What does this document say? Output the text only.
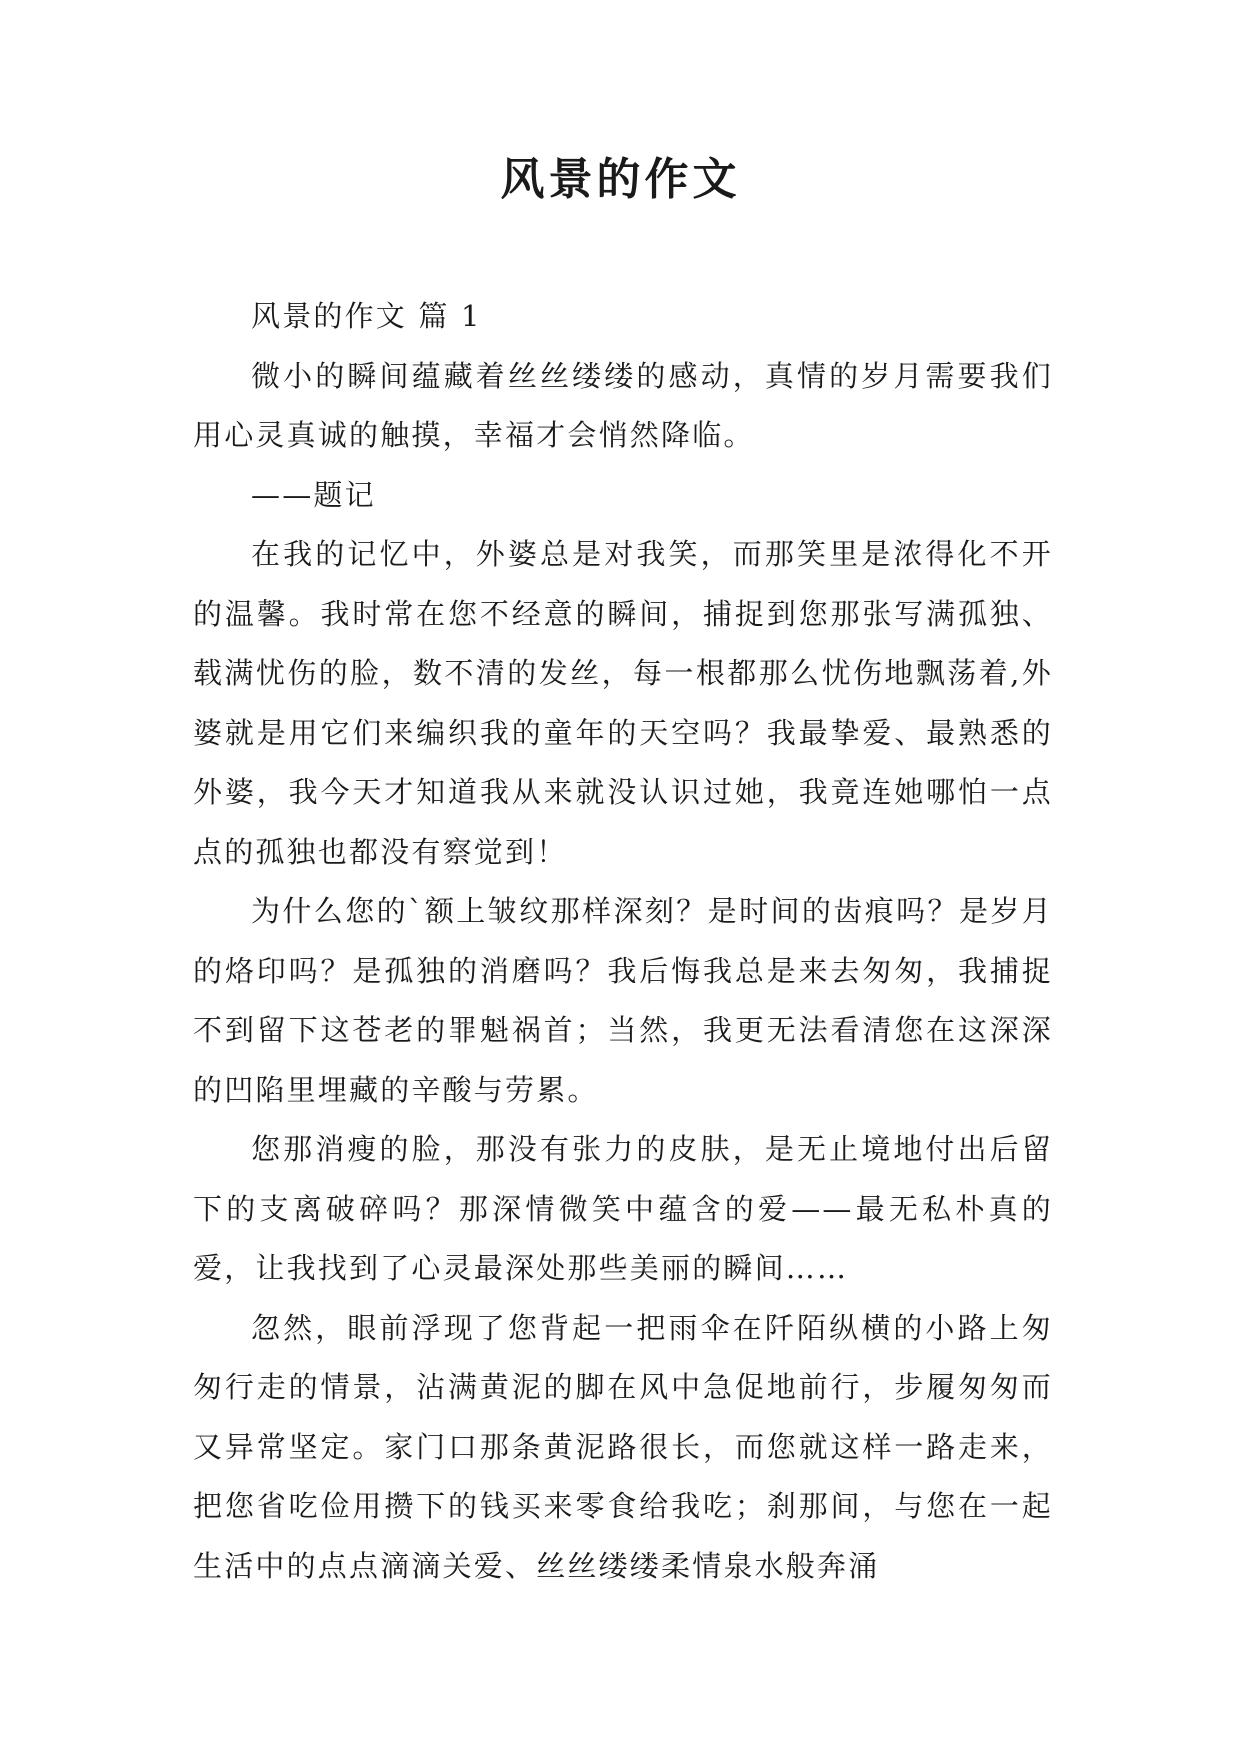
风景的作文

风景的作文 篇 1

微小的瞬间蕴藏着丝丝缕缕的感动，真情的岁月需要我们用心灵真诚的触摸，幸福才会悄然降临。

——题记

在我的记忆中，外婆总是对我笑，而那笑里是浓得化不开的温馨。我时常在您不经意的瞬间，捕捉到您那张写满孤独、载满忧伤的脸，数不清的发丝，每一根都那么忧伤地飘荡着,外婆就是用它们来编织我的童年的天空吗？我最挚爱、最熟悉的外婆，我今天才知道我从来就没认识过她，我竟连她哪怕一点点的孤独也都没有察觉到！

为什么您的`额上皱纹那样深刻？是时间的齿痕吗？是岁月的烙印吗？是孤独的消磨吗？我后悔我总是来去匆匆，我捕捉不到留下这苍老的罪魁祸首；当然，我更无法看清您在这深深的凹陷里埋藏的辛酸与劳累。

您那消瘦的脸，那没有张力的皮肤，是无止境地付出后留下的支离破碎吗？那深情微笑中蕴含的爱——最无私朴真的爱，让我找到了心灵最深处那些美丽的瞬间……

忽然，眼前浮现了您背起一把雨伞在阡陌纵横的小路上匆匆行走的情景，沾满黄泥的脚在风中急促地前行，步履匆匆而又异常坚定。家门口那条黄泥路很长，而您就这样一路走来，把您省吃俭用攒下的钱买来零食给我吃；刹那间，与您在一起生活中的点点滴滴关爱、丝丝缕缕柔情泉水般奔涌
